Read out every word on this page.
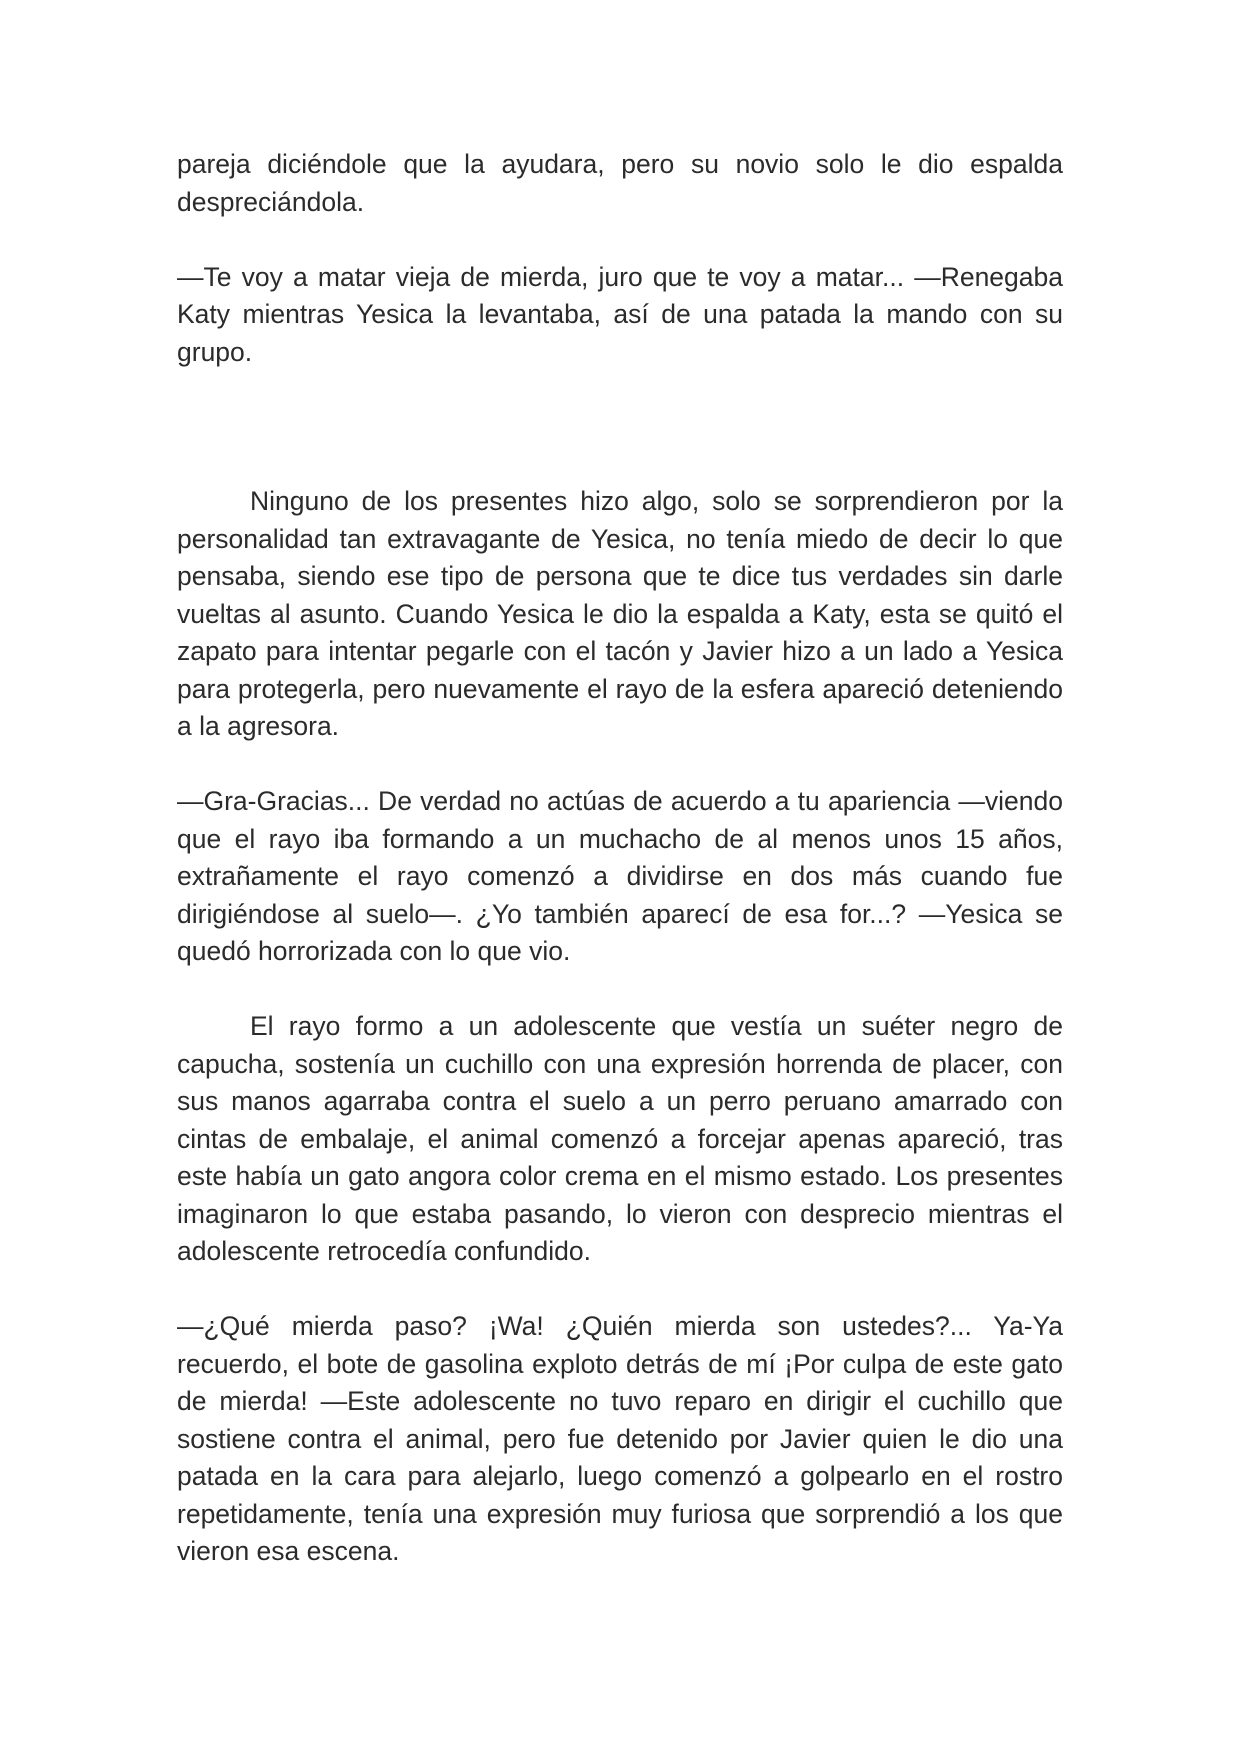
pareja diciéndole que la ayudara, pero su novio solo le dio espalda despreciándola.

—Te voy a matar vieja de mierda, juro que te voy a matar... —Renegaba Katy mientras Yesica la levantaba, así de una patada la mando con su grupo.

Ninguno de los presentes hizo algo, solo se sorprendieron por la personalidad tan extravagante de Yesica, no tenía miedo de decir lo que pensaba, siendo ese tipo de persona que te dice tus verdades sin darle vueltas al asunto. Cuando Yesica le dio la espalda a Katy, esta se quitó el zapato para intentar pegarle con el tacón y Javier hizo a un lado a Yesica para protegerla, pero nuevamente el rayo de la esfera apareció deteniendo a la agresora.

—Gra-Gracias... De verdad no actúas de acuerdo a tu apariencia —viendo que el rayo iba formando a un muchacho de al menos unos 15 años, extrañamente el rayo comenzó a dividirse en dos más cuando fue dirigiéndose al suelo—. ¿Yo también aparecí de esa for...? —Yesica se quedó horrorizada con lo que vio.

El rayo formo a un adolescente que vestía un suéter negro de capucha, sostenía un cuchillo con una expresión horrenda de placer, con sus manos agarraba contra el suelo a un perro peruano amarrado con cintas de embalaje, el animal comenzó a forcejar apenas apareció, tras este había un gato angora color crema en el mismo estado. Los presentes imaginaron lo que estaba pasando, lo vieron con desprecio mientras el adolescente retrocedía confundido.

—¿Qué mierda paso? ¡Wa! ¿Quién mierda son ustedes?... Ya-Ya recuerdo, el bote de gasolina exploto detrás de mí ¡Por culpa de este gato de mierda! —Este adolescente no tuvo reparo en dirigir el cuchillo que sostiene contra el animal, pero fue detenido por Javier quien le dio una patada en la cara para alejarlo, luego comenzó a golpearlo en el rostro repetidamente, tenía una expresión muy furiosa que sorprendió a los que vieron esa escena.
